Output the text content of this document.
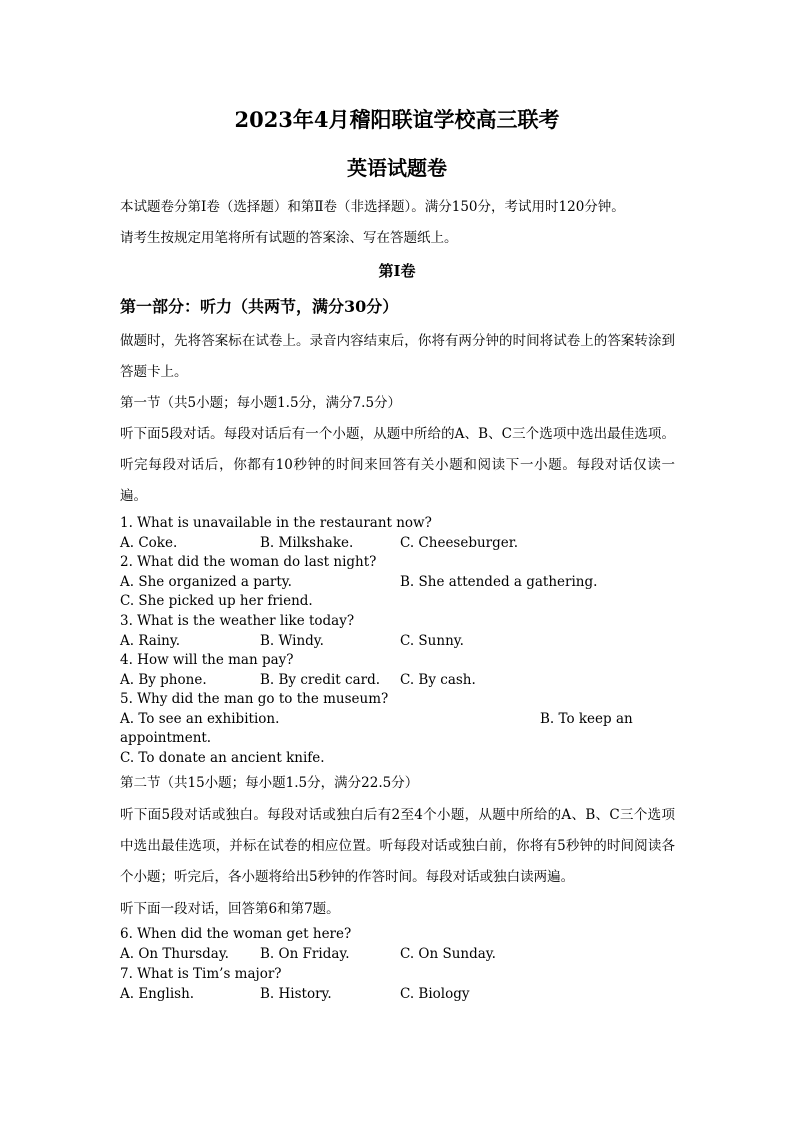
2023年4月稽阳联谊学校高三联考
英语试题卷

本试题卷分第Ⅰ卷（选择题）和第Ⅱ卷（非选择题）。满分150分，考试用时120分钟。

请考生按规定用笔将所有试题的答案涂、写在答题纸上。

第Ⅰ卷
第一部分：听力（共两节，满分30分）

做题时，先将答案标在试卷上。录音内容结束后，你将有两分钟的时间将试卷上的答案转涂到答题卡上。

第一节（共5小题；每小题1.5分，满分7.5分）

听下面5段对话。每段对话后有一个小题，从题中所给的A、B、C三个选项中选出最佳选项。听完每段对话后，你都有10秒钟的时间来回答有关小题和阅读下一小题。每段对话仅读一遍。

1. What is unavailable in the restaurant now?
A. Coke.	B. Milkshake.	C. Cheeseburger.
2. What did the woman do last night?
A. She organized a party.	B. She attended a gathering.
C. She picked up her friend.
3. What is the weather like today?
A. Rainy.	B. Windy.	C. Sunny.
4. How will the man pay?
A. By phone.	B. By credit card. C. By cash.
5. Why did the man go to the museum?
A. To see an exhibition.	B. To keep an
appointment.
C. To donate an ancient knife.

第二节（共15小题；每小题1.5分，满分22.5分）

听下面5段对话或独白。每段对话或独白后有2至4个小题，从题中所给的A、B、C三个选项中选出最佳选项，并标在试卷的相应位置。听每段对话或独白前，你将有5秒钟的时间阅读各个小题；听完后，各小题将给出5秒钟的作答时间。每段对话或独白读两遍。

听下面一段对话，回答第6和第7题。

6. When did the woman get here?
A. On Thursday. B. On Friday.	C. On Sunday.
7. What is Tim’s major?
A. English.	B. History.	C. Biology
